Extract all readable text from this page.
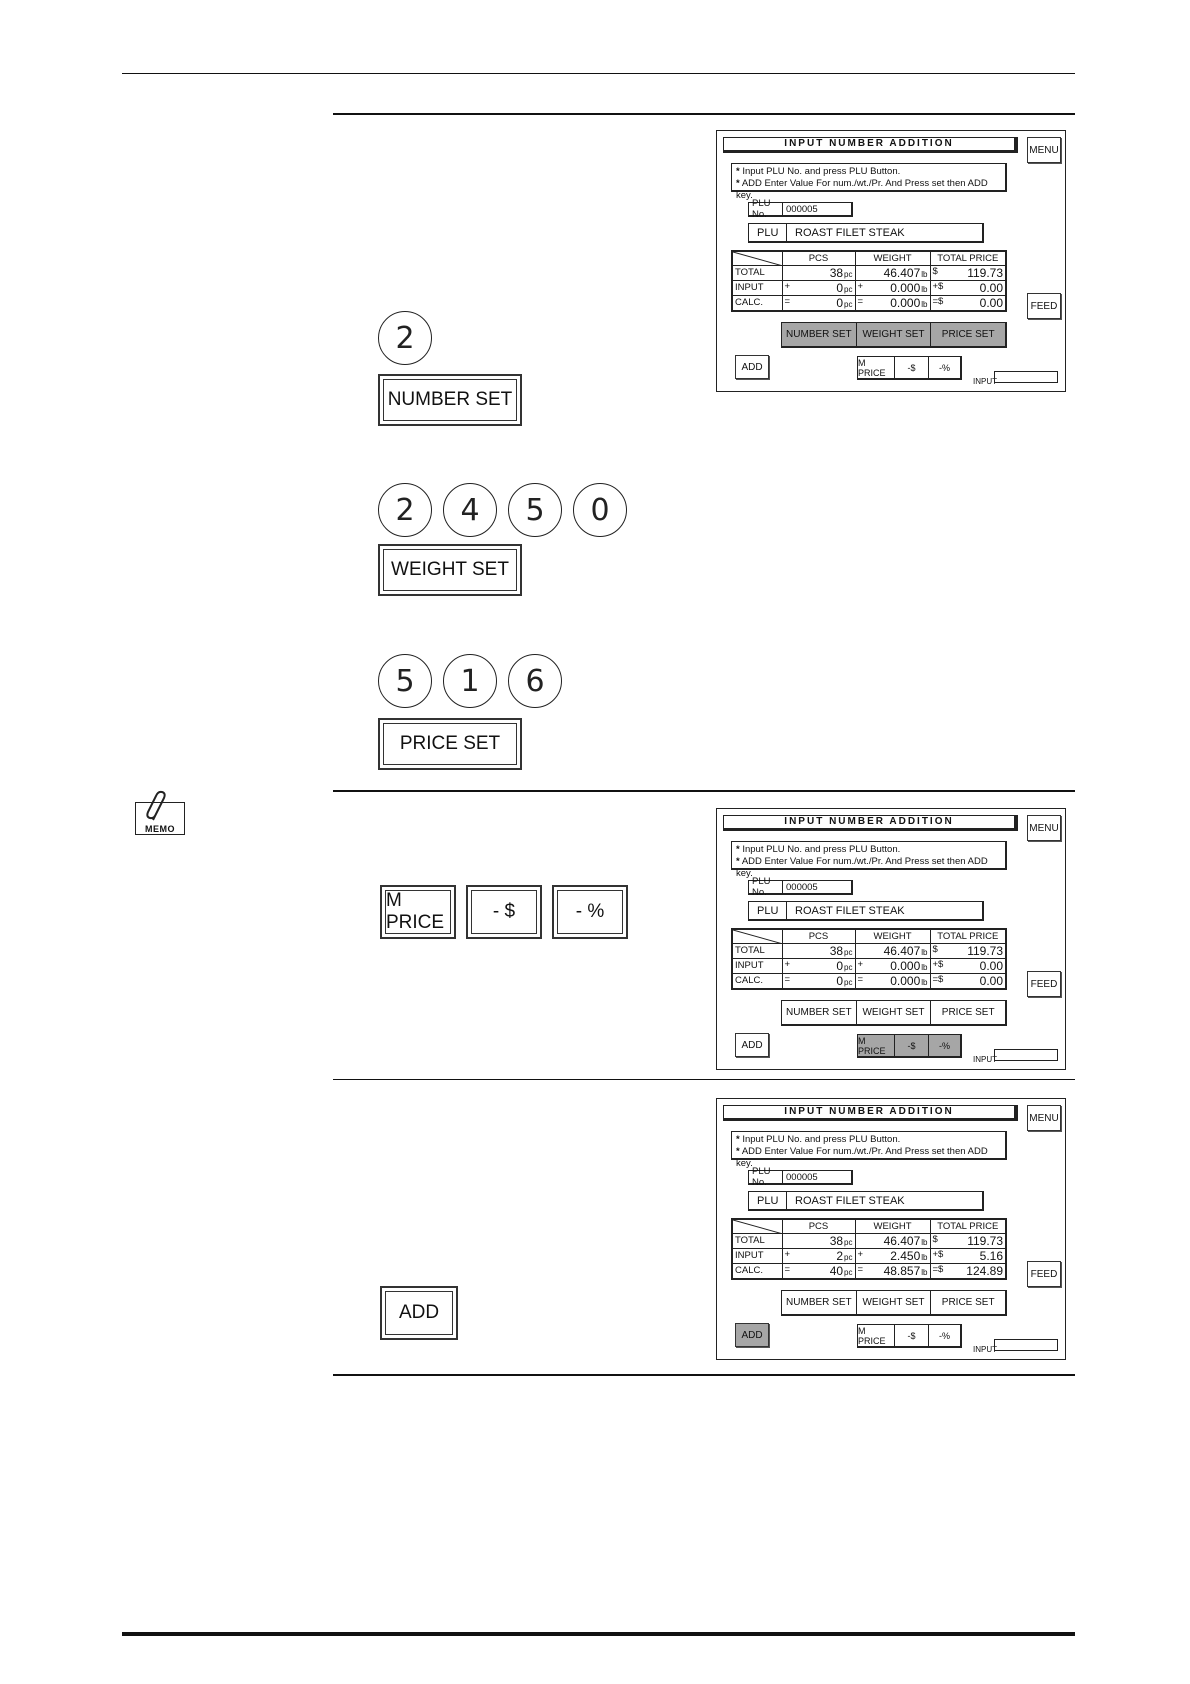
2
NUMBER SET
2	4	5	0
WEIGHT SET
5	1	6
PRICE SET
MEMO
M PRICE
- $	- %
ADD
INPUT NUMBER ADDITION
MENU
* Input PLU No. and press PLU Button.
* ADD Enter Value For num./wt./Pr. And Press set then ADD key.
PLU No.	000005
PLU	ROAST FILET STEAK
	PCS	WEIGHT	TOTAL PRICE
TOTAL	38pc	46.407lb	$ 119.73
INPUT	+ 0pc	+ 0.000lb	+$ 0.00
CALC.	= 0pc	= 0.000lb	=$ 0.00	FEED
NUMBER SET	WEIGHT SET	PRICE SET
ADD	M PRICE	-$	-%
INPUT
INPUT NUMBER ADDITION
MENU
* Input PLU No. and press PLU Button.
* ADD Enter Value For num./wt./Pr. And Press set then ADD key.
PLU No.	000005
PLU	ROAST FILET STEAK
	PCS	WEIGHT	TOTAL PRICE
TOTAL	38pc	46.407lb	$ 119.73
INPUT	+ 0pc	+ 0.000lb	+$ 0.00
CALC.	= 0pc	= 0.000lb	=$ 0.00	FEED
NUMBER SET	WEIGHT SET	PRICE SET
ADD	M PRICE	-$	-%
INPUT
INPUT NUMBER ADDITION
MENU
* Input PLU No. and press PLU Button.
* ADD Enter Value For num./wt./Pr. And Press set then ADD key.
PLU No.	000005
PLU	ROAST FILET STEAK
	PCS	WEIGHT	TOTAL PRICE
TOTAL	38pc	46.407lb	$ 119.73
INPUT	+ 2pc	+ 2.450lb	+$ 5.16
CALC.	= 40pc	= 48.857lb	=$ 124.89	FEED
NUMBER SET	WEIGHT SET	PRICE SET
ADD	M PRICE	-$	-%
INPUT
